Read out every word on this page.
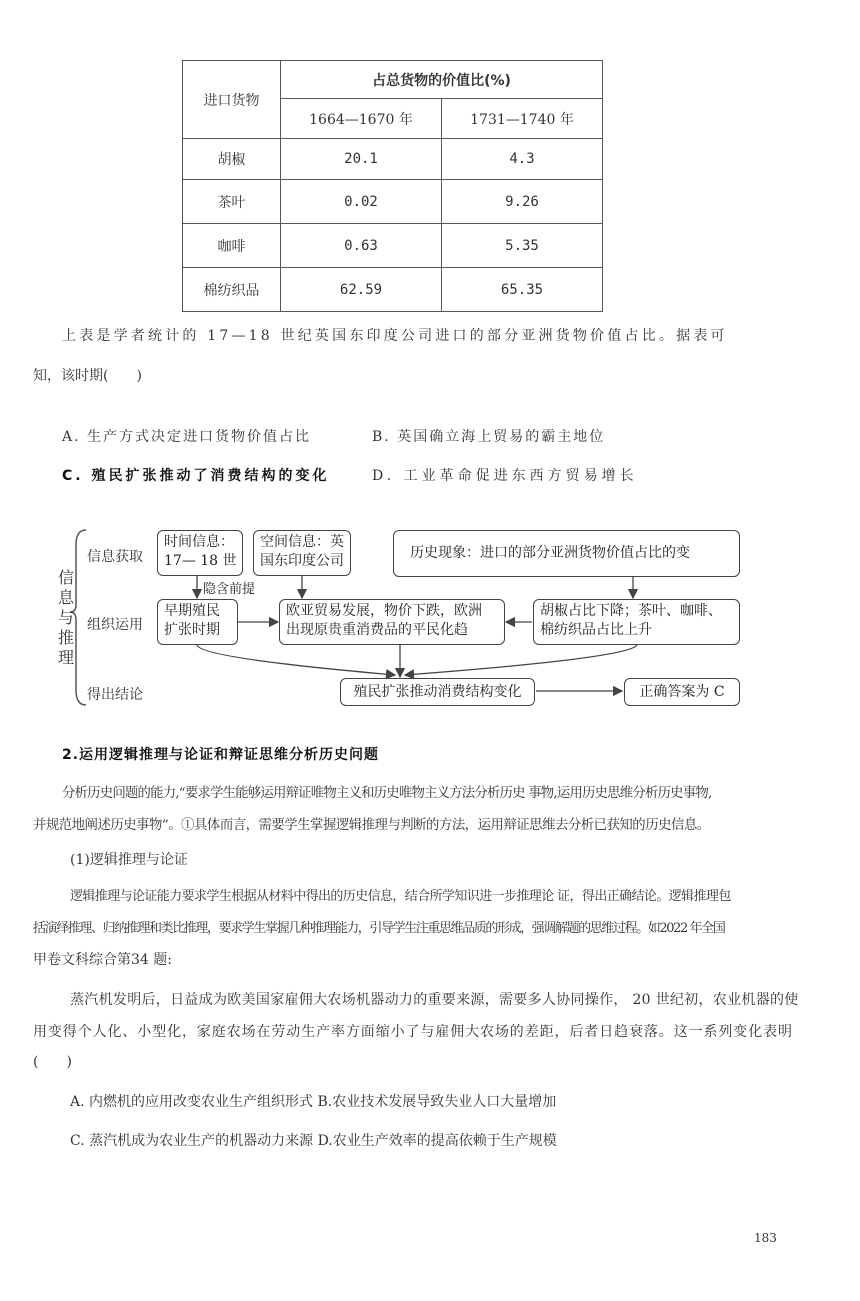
进口货物	占总货物的价值比(%)	
	1664—1670 年	1731—1740 年
胡椒	20.1	4.3
茶叶	0.02	9.26
咖啡	0.63	5.35
棉纺织品	62.59	65.35
上表是学者统计的 17—18 世纪英国东印度公司进口的部分亚洲货物价值占比。据表可
知，该时期(　　)
A. 生产方式决定进口货物价值占比	B. 英国确立海上贸易的霸主地位
C. 殖民扩张推动了消费结构的变化	D. 工业革命促进东西方贸易增长
信
息
与
推
理
信息获取
组织运用
得出结论
时间信息：
17— 18 世
空间信息：英
国东印度公司	历史现象：进口的部分亚洲货物价值占比的变
隐含前提
早期殖民
扩张时期
欧亚贸易发展，物价下跌，欧洲
出现原贵重消费品的平民化趋
胡椒占比下降；茶叶、咖啡、
棉纺织品占比上升
殖民扩张推动消费结构变化	正确答案为 C
2.运用逻辑推理与论证和辩证思维分析历史问题
分析历史问题的能力,“要求学生能够运用辩证唯物主义和历史唯物主义方法分析历史 事物,运用历史思维分析历史事物,
并规范地阐述历史事物”。①具体而言，需要学生掌握逻辑推理与判断的方法，运用辩证思维去分析已获知的历史信息。
(1)逻辑推理与论证
逻辑推理与论证能力要求学生根据从材料中得出的历史信息，结合所学知识进一步推理论 证，得出正确结论。逻辑推理包
括演绎推理、归纳推理和类比推理，要求学生掌握几种推理能力，引导学生注重思维品质的形成，强调解题的思维过程。如2022 年全国
甲卷文科综合第34 题:
蒸汽机发明后，日益成为欧美国家雇佣大农场机器动力的重要来源，需要多人协同操作， 20 世纪初，农业机器的使
用变得个人化、小型化，家庭农场在劳动生产率方面缩小了与雇佣大农场的差距，后者日趋衰落。这一系列变化表明
(　　)
A. 内燃机的应用改变农业生产组织形式 B.农业技术发展导致失业人口大量增加
C. 蒸汽机成为农业生产的机器动力来源 D.农业生产效率的提高依赖于生产规模
183
